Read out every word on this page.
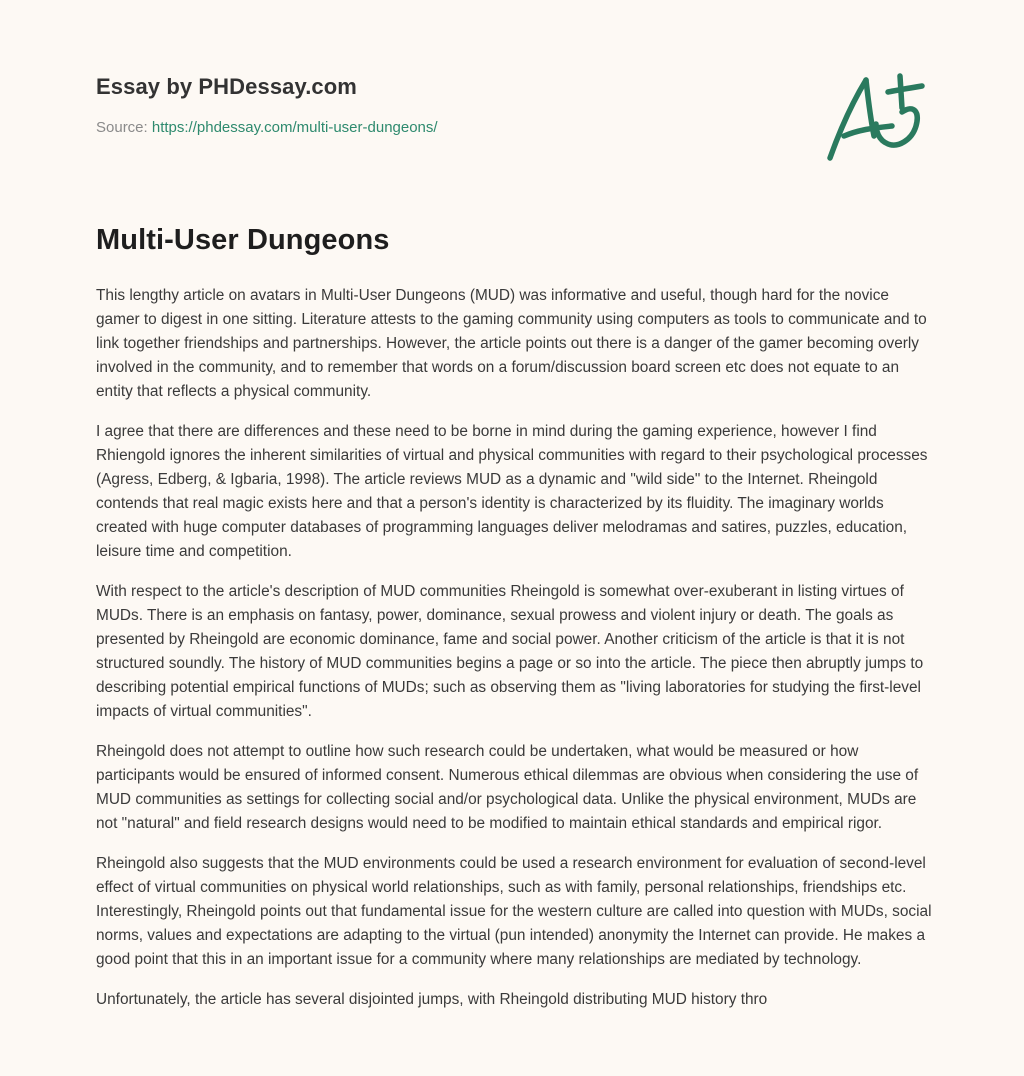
Essay by PHDessay.com
Source: https://phdessay.com/multi-user-dungeons/
Multi-User Dungeons

This lengthy article on avatars in Multi-User Dungeons (MUD) was informative and useful, though hard for the novice gamer to digest in one sitting. Literature attests to the gaming community using computers as tools to communicate and to link together friendships and partnerships. However, the article points out there is a danger of the gamer becoming overly involved in the community, and to remember that words on a forum/discussion board screen etc does not equate to an entity that reflects a physical community.

I agree that there are differences and these need to be borne in mind during the gaming experience, however I find Rhiengold ignores the inherent similarities of virtual and physical communities with regard to their psychological processes (Agress, Edberg, & Igbaria, 1998). The article reviews MUD as a dynamic and "wild side" to the Internet. Rheingold contends that real magic exists here and that a person's identity is characterized by its fluidity. The imaginary worlds created with huge computer databases of programming languages deliver melodramas and satires, puzzles, education, leisure time and competition.

With respect to the article's description of MUD communities Rheingold is somewhat over-exuberant in listing virtues of MUDs. There is an emphasis on fantasy, power, dominance, sexual prowess and violent injury or death. The goals as presented by Rheingold are economic dominance, fame and social power. Another criticism of the article is that it is not structured soundly. The history of MUD communities begins a page or so into the article. The piece then abruptly jumps to describing potential empirical functions of MUDs; such as observing them as "living laboratories for studying the first-level impacts of virtual communities".

Rheingold does not attempt to outline how such research could be undertaken, what would be measured or how participants would be ensured of informed consent. Numerous ethical dilemmas are obvious when considering the use of MUD communities as settings for collecting social and/or psychological data. Unlike the physical environment, MUDs are not "natural" and field research designs would need to be modified to maintain ethical standards and empirical rigor.

Rheingold also suggests that the MUD environments could be used a research environment for evaluation of second-level effect of virtual communities on physical world relationships, such as with family, personal relationships, friendships etc. Interestingly, Rheingold points out that fundamental issue for the western culture are called into question with MUDs, social norms, values and expectations are adapting to the virtual (pun intended) anonymity the Internet can provide. He makes a good point that this in an important issue for a community where many relationships are mediated by technology.

Unfortunately, the article has several disjointed jumps, with Rheingold distributing MUD history thro
